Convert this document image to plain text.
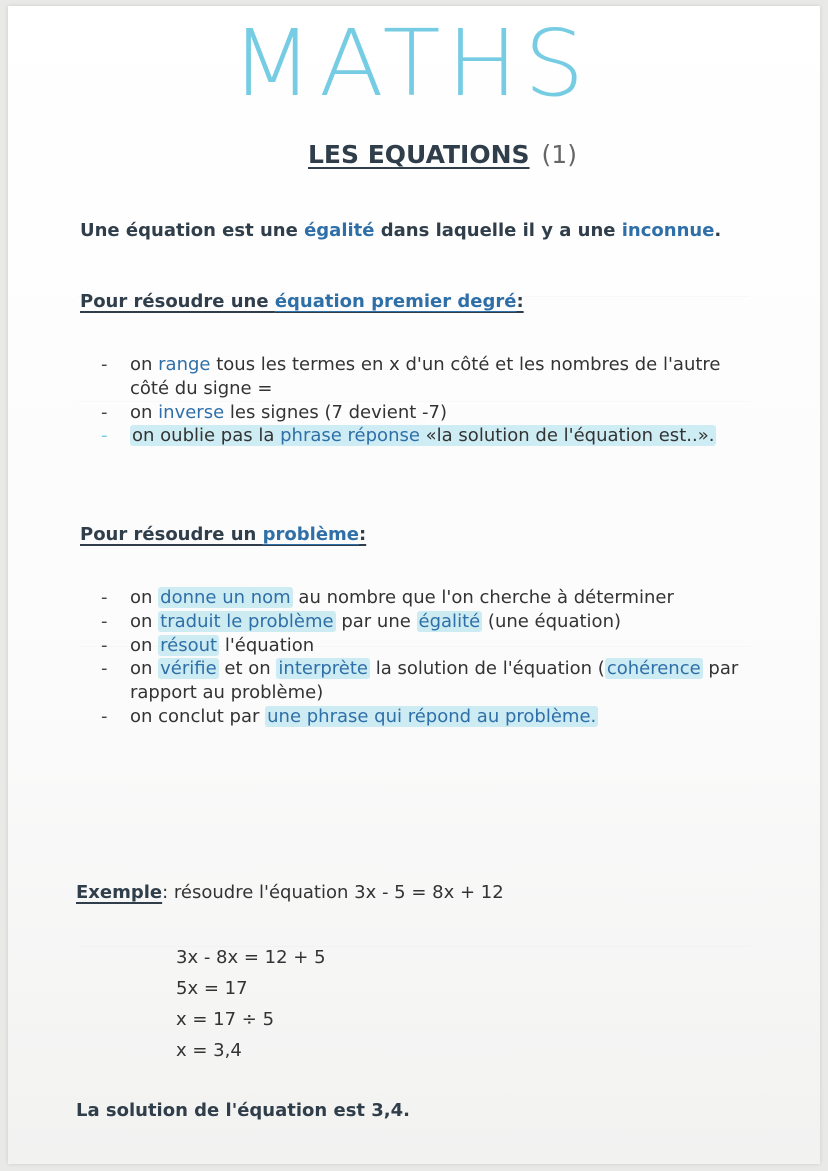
MATHS
LES EQUATIONS (1)
Une équation est une égalité dans laquelle il y a une inconnue.
Pour résoudre une équation premier degré:
- on range tous les termes en x d'un côté et les nombres de l'autre
côté du signe =
- on inverse les signes (7 devient -7)
- on oublie pas la phrase réponse «la solution de l'équation est..».
Pour résoudre un problème:
- on donne un nom au nombre que l'on cherche à déterminer
- on traduit le problème par une égalité (une équation)
- on résout l'équation
- on vérifie et on interprète la solution de l'équation ( cohérence par
rapport au problème)
- on conclut par une phrase qui répond au problème.
Exemple: résoudre l'équation 3x - 5 = 8x + 12
3x - 8x = 12 + 5
5x = 17
x = 17 ÷ 5
x = 3,4
La solution de l'équation est 3,4.
